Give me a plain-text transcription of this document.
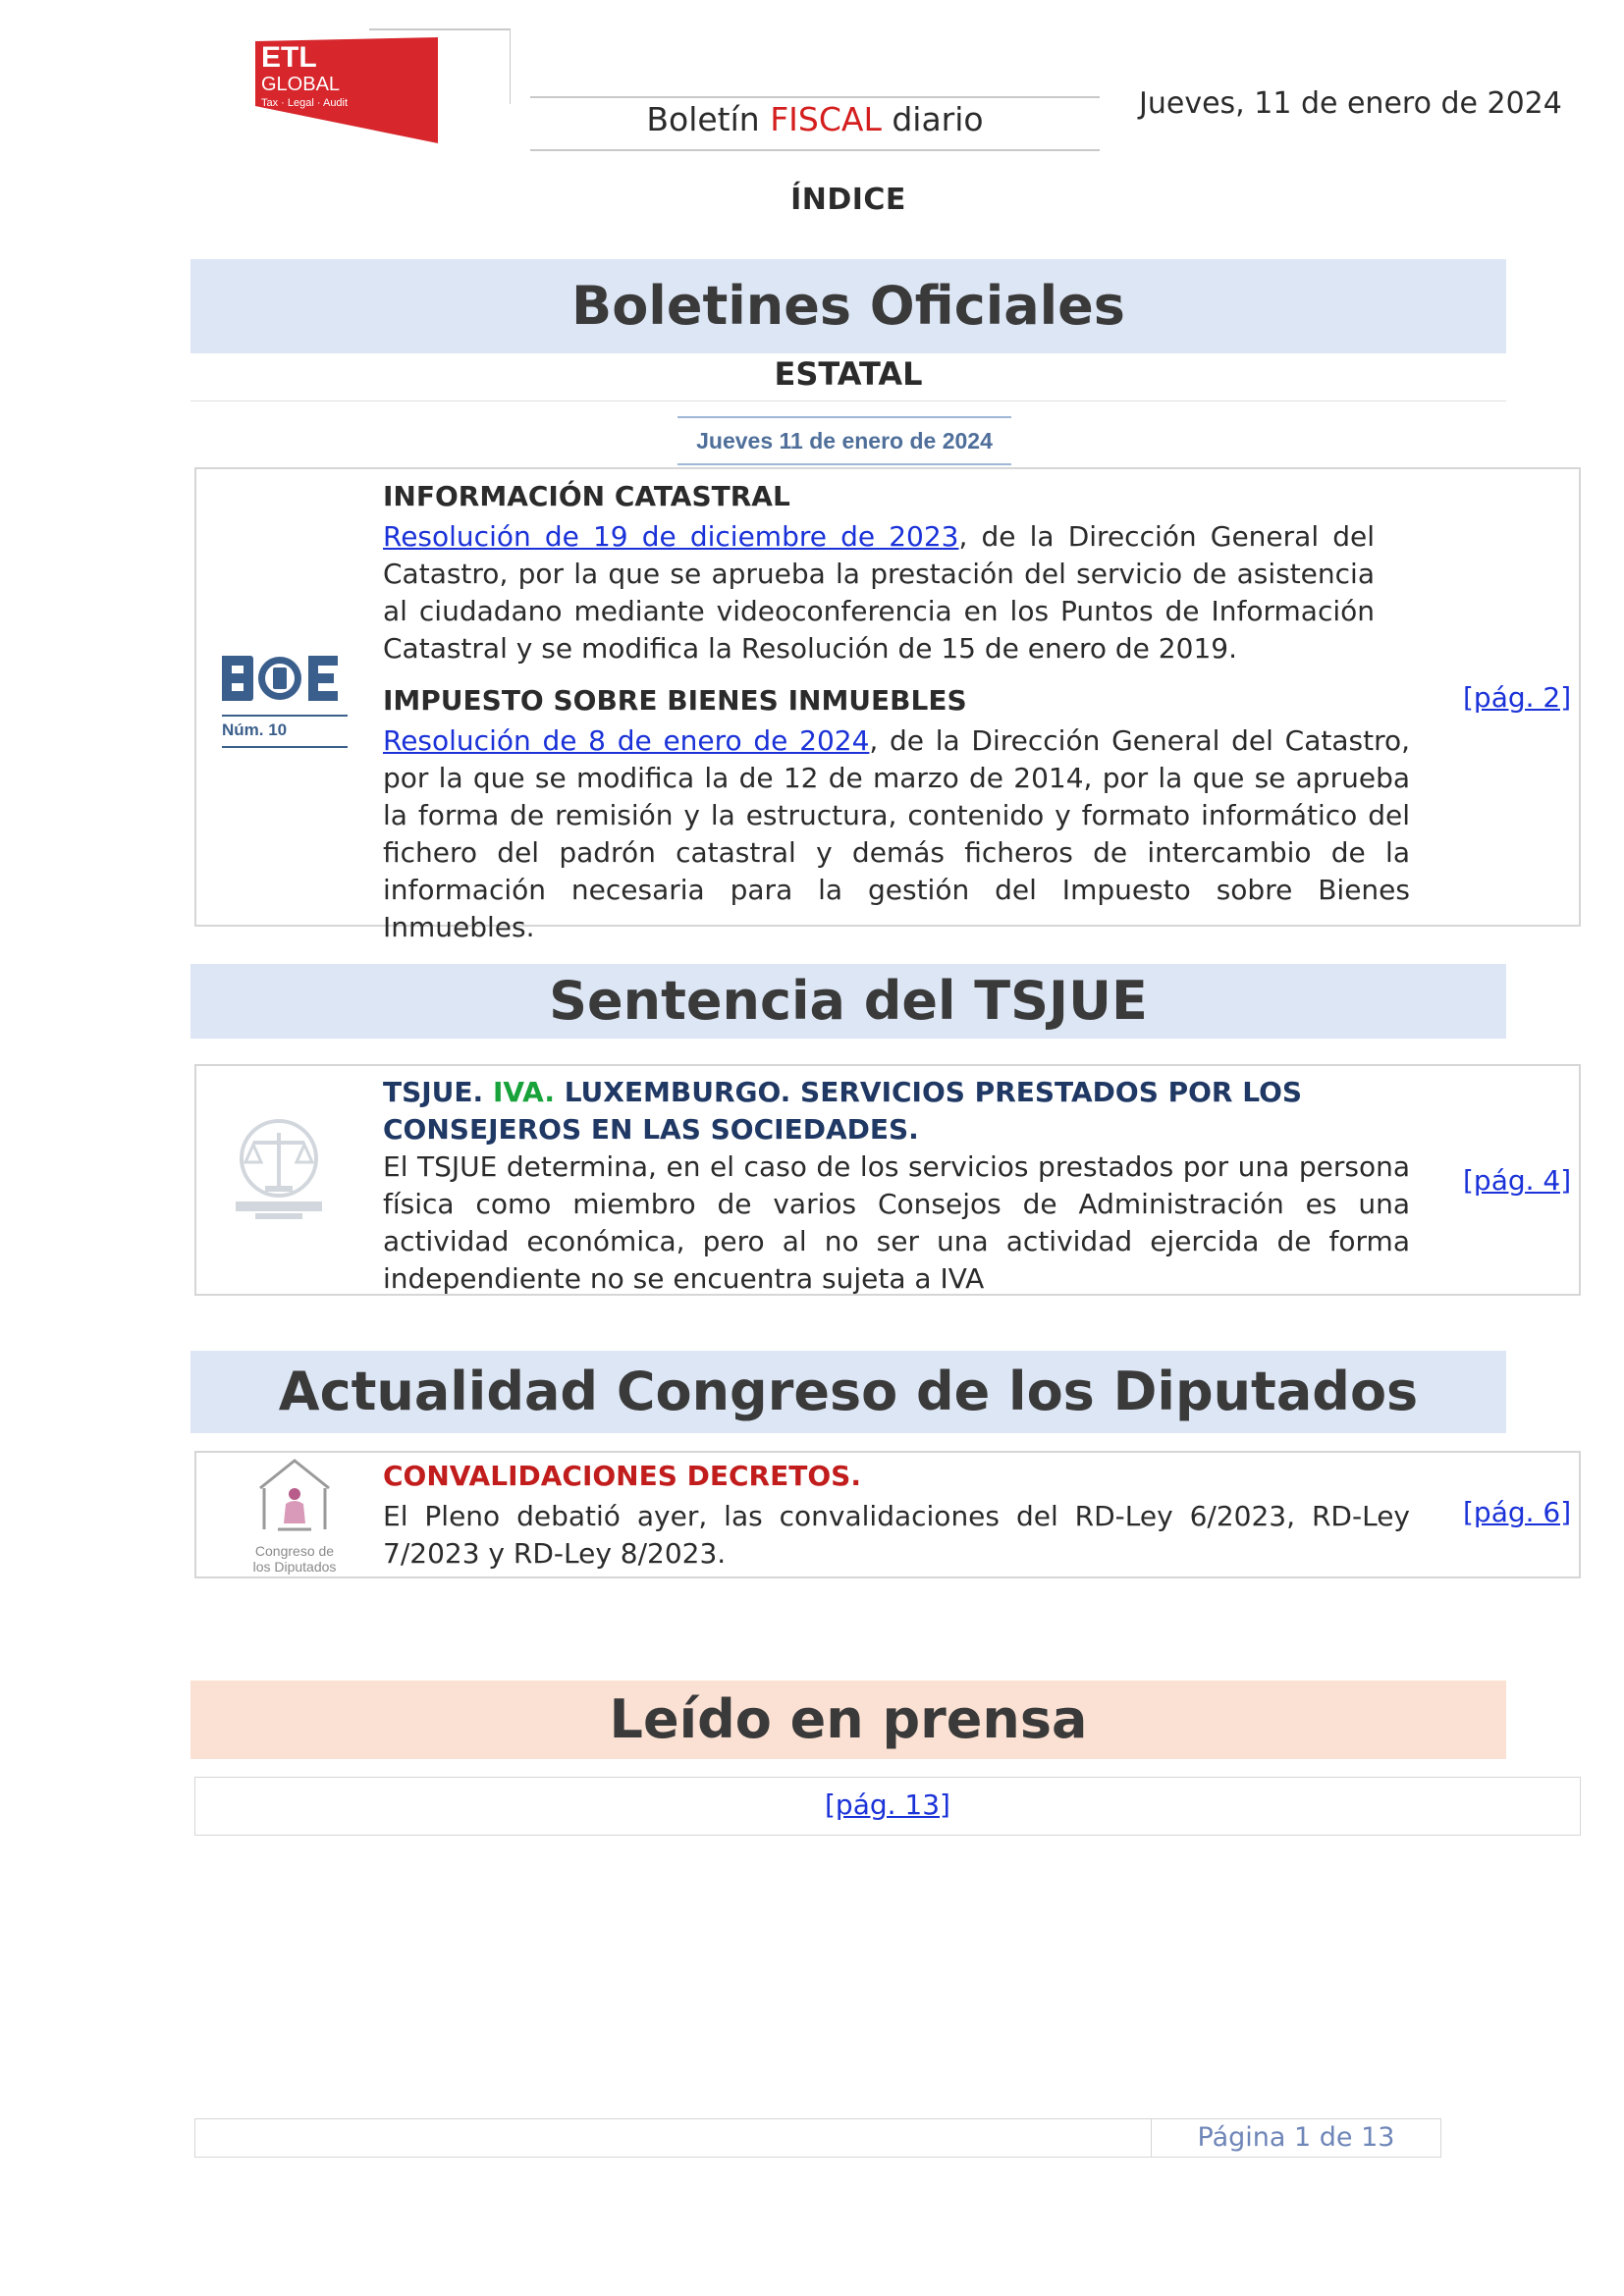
ETL
GLOBAL
Tax · Legal · Audit	Boletín FISCAL diario	Jueves, 11 de enero de 2024
ÍNDICE
Boletines Oficiales
ESTATAL
Jueves 11 de enero de 2024
Núm. 10
INFORMACIÓN CATASTRAL
Resolución de 19 de diciembre de 2023, de la Dirección General del Catastro, por la que se aprueba la prestación del servicio de asistencia al ciudadano mediante videoconferencia en los Puntos de Información Catastral y se modifica la Resolución de 15 de enero de 2019.
IMPUESTO SOBRE BIENES INMUEBLES
Resolución de 8 de enero de 2024, de la Dirección General del Catastro, por la que se modifica la de 12 de marzo de 2014, por la que se aprueba la forma de remisión y la estructura, contenido y formato informático del fichero del padrón catastral y demás ficheros de intercambio de la información necesaria para la gestión del Impuesto sobre Bienes Inmuebles.
[pág. 2]
Sentencia del TSJUE
TSJUE. IVA. LUXEMBURGO. SERVICIOS PRESTADOS POR LOS CONSEJEROS EN LAS SOCIEDADES.
El TSJUE determina, en el caso de los servicios prestados por una persona física como miembro de varios Consejos de Administración es una actividad económica, pero al no ser una actividad ejercida de forma independiente no se encuentra sujeta a IVA
[pág. 4]
Actualidad Congreso de los Diputados
Congreso de
los Diputados
CONVALIDACIONES DECRETOS.
El Pleno debatió ayer, las convalidaciones del RD-Ley 6/2023, RD-Ley 7/2023 y RD-Ley 8/2023.
[pág. 6]
Leído en prensa
[pág. 13]
Página 1 de 13
